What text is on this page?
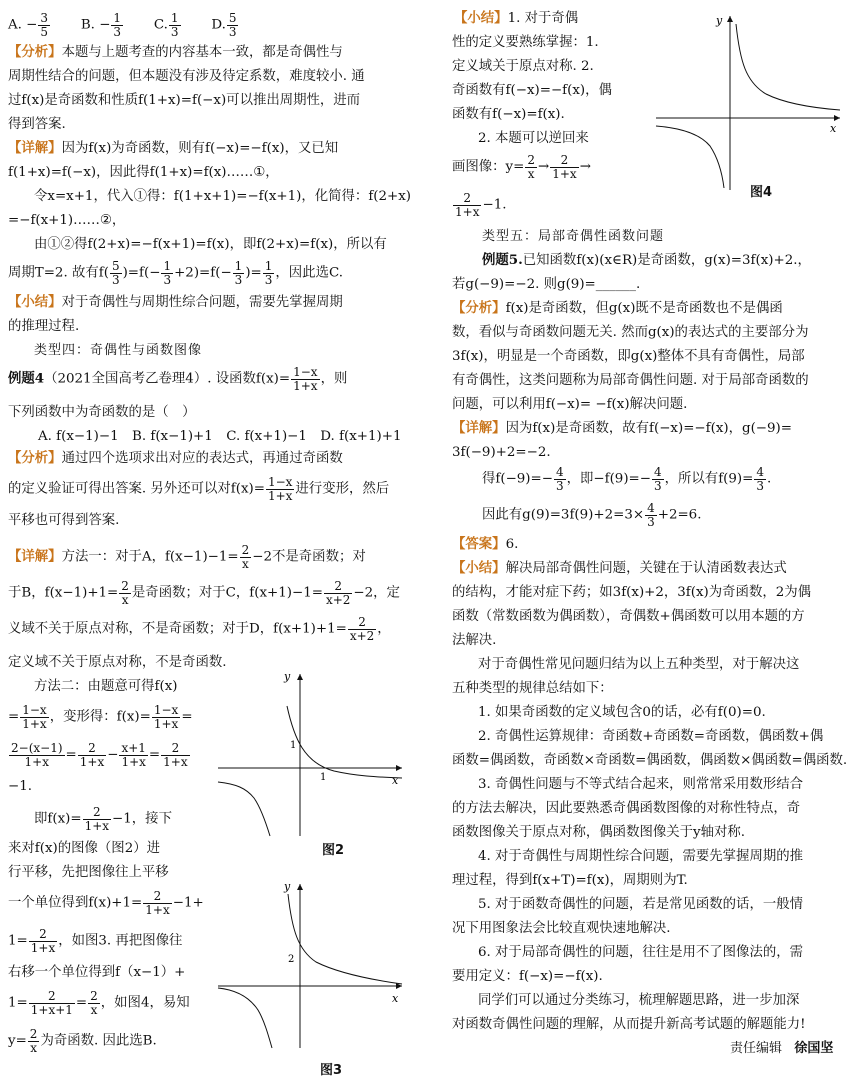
A. − $\frac{3}{5} B$. − $\frac{1}{3} C$. $\frac{1}{3} D$. $\frac{5}{3}$
【分析】本题与上题考查的内容基本一致，都是奇偶性与
周期性结合的问题，但本题没有涉及待定系数，难度较小. 通
过f(x)是奇函数和性质f(1+x)=f(−x)可以推出周期性，进而
得到答案.
【详解】因为f(x)为奇函数，则有f(−x)=−f(x)，又已知
f(1+x)=f(−x)，因此得f(1+x)=f(x)……①，
令x=x+1，代入①得：f(1+x+1)=−f(x+1)，化简得：f(2+x)
=−f(x+1)……②，
由①②得f(2+x)=−f(x+1)=f(x)，即f(2+x)=f(x)，所以有
周期T=2. 故有$f( \frac{5}{3} )=f(- \frac{1}{3} +2)=f(- \frac{1}{3}$ )= $\frac{1}{3}$ ，因此选C.
【小结】对于奇偶性与周期性综合问题，需要先掌握周期
的推理过程.
类型四：奇偶性与函数图像
例题4（2021全国高考乙卷理4）. 设函数$f(x)= \frac{1-x}{1+x}$ ，则
下列函数中为奇函数的是（　）
A. f(x−1)−1　B. f(x−1)+1　C. f(x+1)−1　D. f(x+1)+1
【分析】通过四个选项求出对应的表达式，再通过奇函数
的定义验证可得出答案. 另外还可以对$f(x)= \frac{1-x}{1+x}$ 进行变形，然后
平移也可得到答案.
【详解】方法一：对于A，$f(x-1)-1= \frac{2}{x} -2$不是奇函数；对
于B，$f(x-1)+1= \frac{2}{x}$ 是奇函数；对于C，$f(x+1)-1= \frac{2}{x+2} -2$，定
义域不关于原点对称，不是奇函数；对于D，$f(x+1)+1= \frac{2}{x+2}$ ，
定义域不关于原点对称，不是奇函数.
方法二：由题意可得f(x)
= $\frac{1-x}{1+x}$ ，变形得：$f(x)= \frac{1-x}{1+x}$ =
$\frac{2-(x-1)}{1+x} = \frac{2}{1+x} - \frac{x+1}{1+x} = \frac{2}{1+x}$
−1.
即$f(x)= \frac{2}{1+x} -1$，接下
来对f(x)的图像（图2）进
行平移，先把图像往上平移
一个单位得到$f(x)+1= \frac{2}{1+x} -1+$
$1= \frac{2}{1+x}$ ，如图3. 再把图像往
右移一个单位得到f（x−1）+
$1= \frac{2}{1+x+1} = \frac{2}{x}$ ，如图4，易知
$y= \frac{2}{x}$ 为奇函数. 因此选B.
y
x
1
1
图2
y
x
2
图3
【小结】1. 对于奇偶
性的定义要熟练掌握：1.
定义域关于原点对称. 2.
奇函数有f(−x)=−f(x)，偶
函数有f(−x)=f(x).
2. 本题可以逆回来
画图像：$y= \frac{2}{x} \to \frac{2}{1+x}$ →
$\frac{2}{1+x} -1$.
类型五：局部奇偶性函数问题
例题5.已知函数f(x)(x∈R)是奇函数，g(x)=3f(x)+2.，
若g(−9)=−2. 则g(9)=______.
【分析】f(x)是奇函数，但g(x)既不是奇函数也不是偶函
数，看似与奇函数问题无关. 然而g(x)的表达式的主要部分为
3f(x)，明显是一个奇函数，即g(x)整体不具有奇偶性，局部
有奇偶性，这类问题称为局部奇偶性问题. 对于局部奇函数的
问题，可以利用f(−x)= −f(x)解决问题.
【详解】因为f(x)是奇函数，故有f(−x)=−f(x)，g(−9)=
3f(−9)+2=−2.
得$f(-9)=- \frac{4}{3}$ ，即$-f(9)=- \frac{4}{3}$ ，所以有$f(9)= \frac{4}{3}$ .
因此有$g(9)=3f(9)+2=3\times \frac{4}{3} +2=6$.
【答案】6.
【小结】解决局部奇偶性问题，关键在于认清函数表达式
的结构，才能对症下药；如3f(x)+2，3f(x)为奇函数，2为偶
函数（常数函数为偶函数），奇偶数+偶函数可以用本题的方
法解决.
对于奇偶性常见问题归结为以上五种类型，对于解决这
五种类型的规律总结如下：
1. 如果奇函数的定义域包含0的话，必有f(0)=0.
2. 奇偶性运算规律：奇函数+奇函数=奇函数，偶函数+偶
函数=偶函数，奇函数×奇函数=偶函数，偶函数×偶函数=偶函数.
3. 奇偶性问题与不等式结合起来，则常常采用数形结合
的方法去解决，因此要熟悉奇偶函数图像的对称性特点，奇
函数图像关于原点对称，偶函数图像关于y轴对称.
4. 对于奇偶性与周期性综合问题，需要先掌握周期的推
理过程，得到f(x+T)=f(x)，周期则为T.
5. 对于函数奇偶性的问题，若是常见函数的话，一般情
况下用图象法会比较直观快速地解决.
6. 对于局部奇偶性的问题，往往是用不了图像法的，需
要用定义：f(−x)=−f(x).
同学们可以通过分类练习，梳理解题思路，进一步加深
对函数奇偶性问题的理解，从而提升新高考试题的解题能力!
责任编辑 徐国坚
y
x
图4
